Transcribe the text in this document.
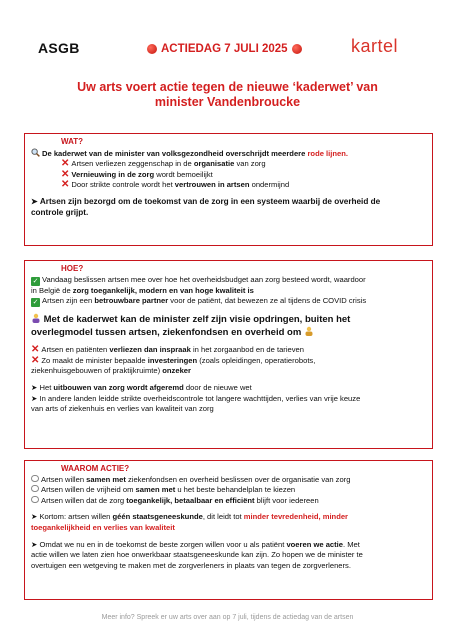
ASGB	ACTIEDAG 7 JULI 2025	kartel
Uw arts voert actie tegen de nieuwe ‘kaderwet’ van
minister Vandenbroucke
WAT?
De kaderwet van de minister van volksgezondheid overschrijdt meerdere rode lijnen.
✕ Artsen verliezen zeggenschap in de organisatie van zorg
✕ Vernieuwing in de zorg wordt bemoeilijkt
✕ Door strikte controle wordt het vertrouwen in artsen ondermijnd
➤ Artsen zijn bezorgd om de toekomst van de zorg in een systeem waarbij de overheid de
controle grijpt.
HOE?
✓ Vandaag beslissen artsen mee over hoe het overheidsbudget aan zorg besteed wordt, waardoor
in België de zorg toegankelijk, modern en van hoge kwaliteit is
✓ Artsen zijn een betrouwbare partner voor de patiënt, dat bewezen ze al tijdens de COVID crisis
Met de kaderwet kan de minister zelf zijn visie opdringen, buiten het
overlegmodel tussen artsen, ziekenfondsen en overheid om
✕ Artsen en patiënten verliezen dan inspraak in het zorgaanbod en de tarieven
✕ Zo maakt de minister bepaalde investeringen (zoals opleidingen, operatierobots,
ziekenhuisgebouwen of praktijkruimte) onzeker
➤ Het uitbouwen van zorg wordt afgeremd door de nieuwe wet
➤ In andere landen leidde strikte overheidscontrole tot langere wachttijden, verlies van vrije keuze
van arts of ziekenhuis en verlies van kwaliteit van zorg
WAAROM ACTIE?
Artsen willen samen met ziekenfondsen en overheid beslissen over de organisatie van zorg
Artsen willen de vrijheid om samen met u het beste behandelplan te kiezen
Artsen willen dat de zorg toegankelijk, betaalbaar en efficiënt blijft voor iedereen
➤ Kortom: artsen willen géén staatsgeneeskunde, dit leidt tot minder tevredenheid, minder
toegankelijkheid en verlies van kwaliteit
➤ Omdat we nu en in de toekomst de beste zorgen willen voor u als patiënt voeren we actie. Met
actie willen we laten zien hoe onwerkbaar staatsgeneeskunde kan zijn. Zo hopen we de minister te
overtuigen een wetgeving te maken met de zorgverleners in plaats van tegen de zorgverleners.
Meer info? Spreek er uw arts over aan op 7 juli, tijdens de actiedag van de artsen
